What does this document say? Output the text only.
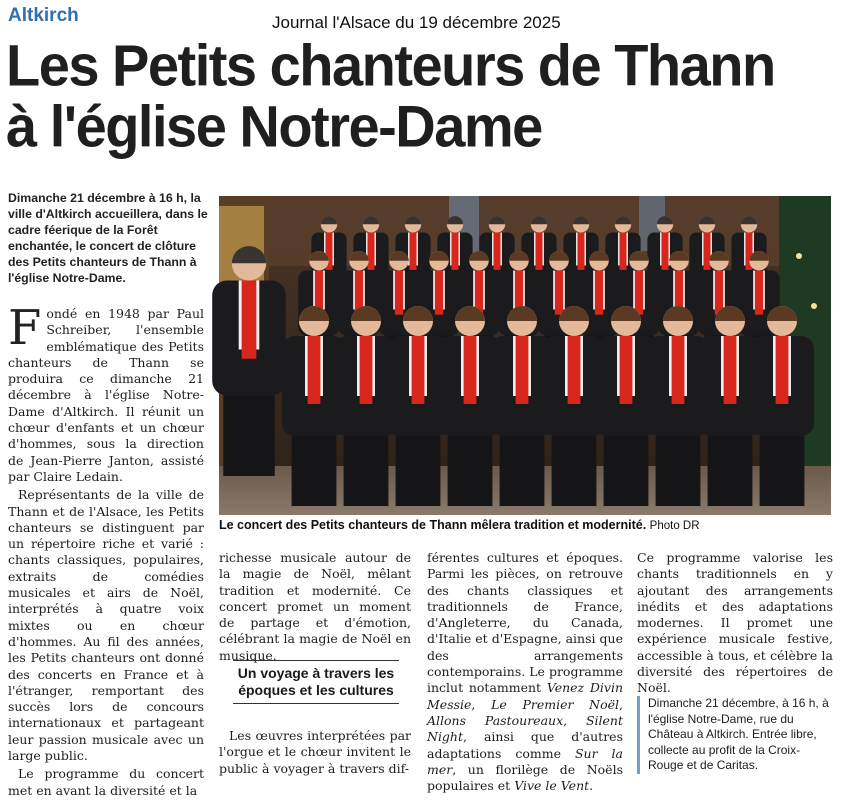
Altkirch	Journal l'Alsace du 19 décembre 2025
Les Petits chanteurs de Thann
à l'église Notre-Dame
Dimanche 21 décembre à 16 h, la ville d'Altkirch accueillera, dans le cadre féerique de la Forêt enchantée, le concert de clôture des Petits chanteurs de Thann à l'église Notre-Dame.

Fondé en 1948 par Paul Schreiber, l'ensemble emblématique des Petits chanteurs de Thann se produira ce dimanche 21 décembre à l'église Notre-Dame d'Altkirch. Il réunit un chœur d'enfants et un chœur d'hommes, sous la direction de Jean-Pierre Janton, assisté par Claire Ledain.

Représentants de la ville de Thann et de l'Alsace, les Petits chanteurs se distinguent par un répertoire riche et varié : chants classiques, populaires, extraits de comédies musicales et airs de Noël, interprétés à quatre voix mixtes ou en chœur d'hommes. Au fil des années, les Petits chanteurs ont donné des concerts en France et à l'étranger, remportant des succès lors de concours internationaux et partageant leur passion musicale avec un large public.

Le programme du concert met en avant la diversité et la

Le concert des Petits chanteurs de Thann mêlera tradition et modernité. Photo DR

richesse musicale autour de la magie de Noël, mêlant tradition et modernité. Ce concert promet un moment de partage et d'émotion, célébrant la magie de Noël en musique.

Un voyage à travers les époques et les cultures

Les œuvres interprétées par l'orgue et le chœur invitent le public à voyager à travers dif-

férentes cultures et époques. Parmi les pièces, on retrouve des chants classiques et traditionnels de France, d'Angleterre, du Canada, d'Italie et d'Espagne, ainsi que des arrangements contemporains. Le programme inclut notamment Venez Divin Messie, Le Premier Noël, Allons Pastoureaux, Silent Night, ainsi que d'autres adaptations comme Sur la mer, un florilège de Noëls populaires et Vive le Vent.

Ce programme valorise les chants traditionnels en y ajoutant des arrangements inédits et des adaptations modernes. Il promet une expérience musicale festive, accessible à tous, et célèbre la diversité des répertoires de Noël.

Dimanche 21 décembre, à 16 h, à l'église Notre-Dame, rue du Château à Altkirch. Entrée libre, collecte au profit de la Croix-Rouge et de Caritas.
